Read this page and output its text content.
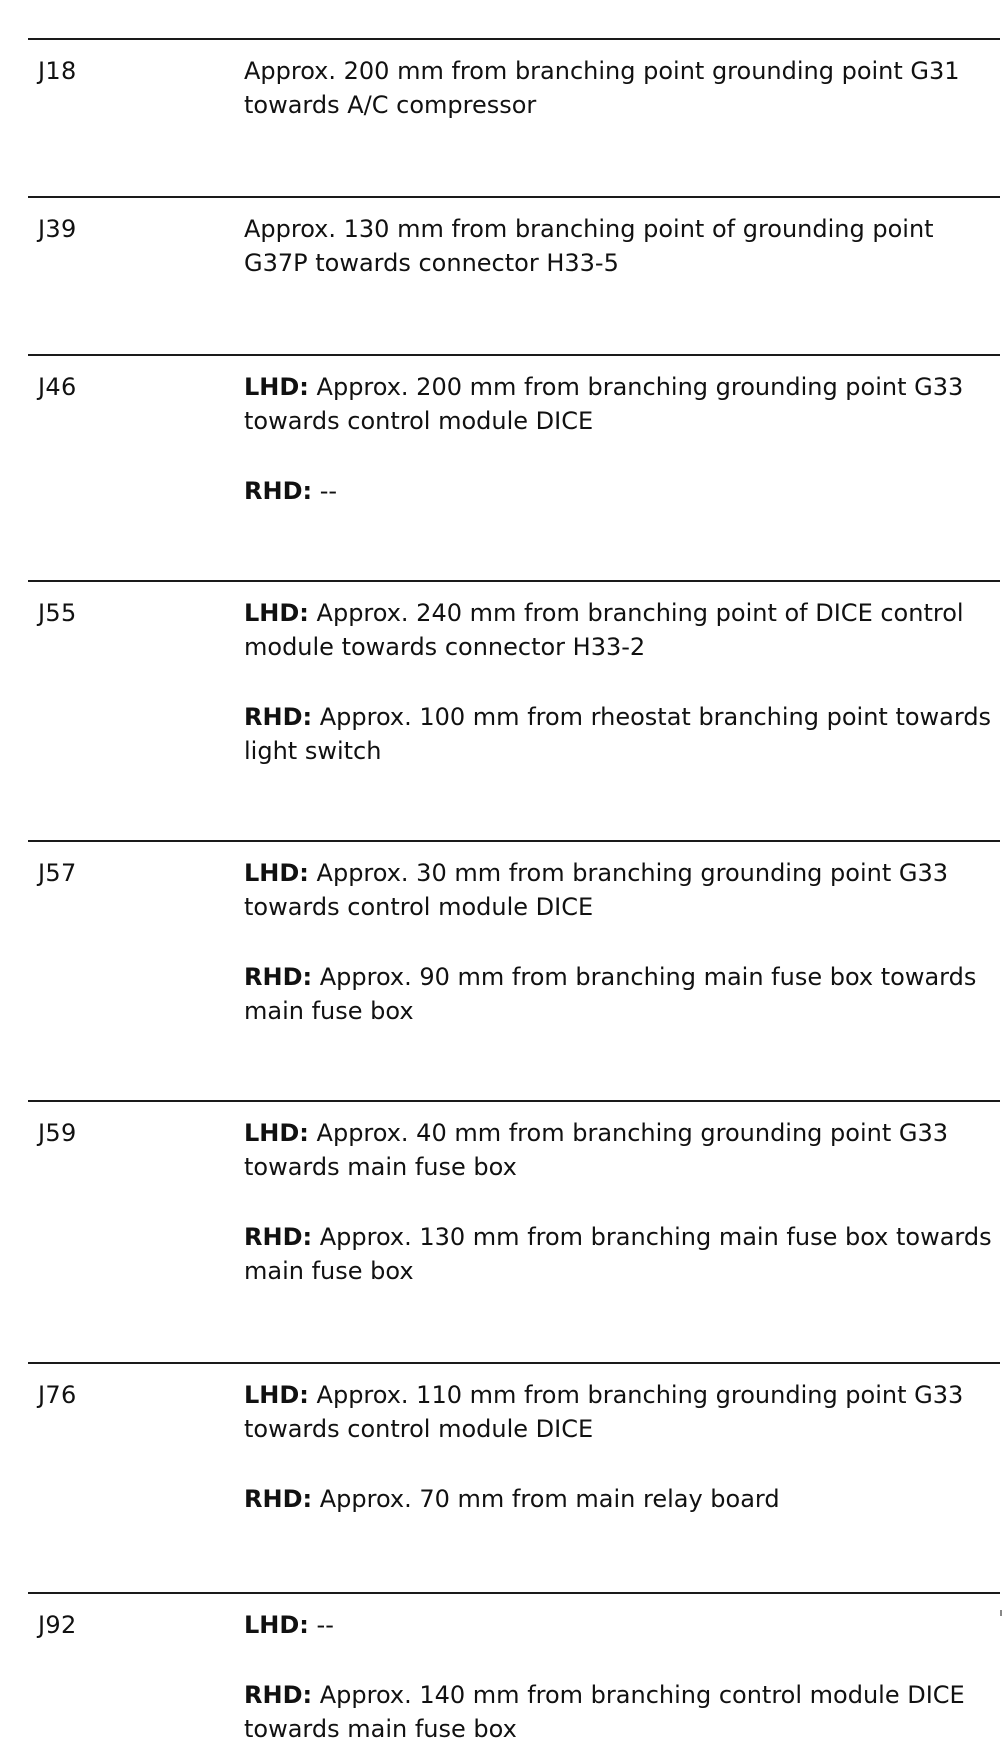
J18	Approx. 200 mm from branching point grounding point G31 towards A/C compressor

J39	Approx. 130 mm from branching point of grounding point G37P towards connector H33-5

J46	LHD: Approx. 200 mm from branching grounding point G33 towards control module DICE

RHD: --

J55	LHD: Approx. 240 mm from branching point of DICE control module towards connector H33-2

RHD: Approx. 100 mm from rheostat branching point towards light switch

J57	LHD: Approx. 30 mm from branching grounding point G33 towards control module DICE

RHD: Approx. 90 mm from branching main fuse box towards main fuse box

J59	LHD: Approx. 40 mm from branching grounding point G33 towards main fuse box

RHD: Approx. 130 mm from branching main fuse box towards main fuse box

J76	LHD: Approx. 110 mm from branching grounding point G33 towards control module DICE

RHD: Approx. 70 mm from main relay board

J92	LHD: --

RHD: Approx. 140 mm from branching control module DICE towards main fuse box
